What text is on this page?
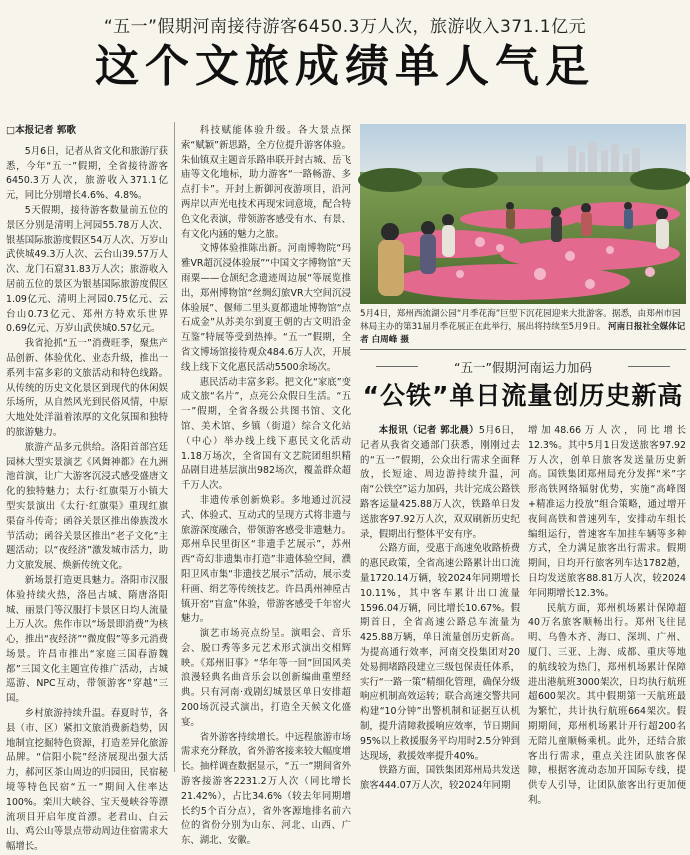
“五一”假期河南接待游客6450.3万人次，旅游收入371.1亿元
这个文旅成绩单人气足

□本报记者 郭歌

5月6日，记者从省文化和旅游厅获悉，今年“五一”假期，全省接待游客6450.3万人次，旅游收入371.1亿元，同比分别增长4.6%、4.8%。

5天假期，接待游客数量前五位的景区分别是清明上河园55.78万人次、银基国际旅游度假区54万人次、万岁山武侠城49.3万人次、云台山39.57万人次、龙门石窟31.83万人次；旅游收入居前五位的景区为银基国际旅游度假区1.09亿元、清明上河园0.75亿元、云台山0.73亿元、郑州方特欢乐世界0.69亿元、万岁山武侠城0.57亿元。

我省抢抓“五一”消费旺季，聚焦产品创新、体验优化、业态升级，推出一系列丰富多彩的文旅活动和特色线路。从传统的历史文化景区到现代的休闲娱乐场所，从自然风光到民俗风情，中原大地处处洋溢着浓厚的文化氛围和独特的旅游魅力。

旅游产品多元供给。洛阳首部宫廷园林大型实景演艺《风舞神都》在九洲池首演，让广大游客沉浸式感受盛唐文化的独特魅力；太行·红旗渠万小镇大型实景演出《太行·红旗渠》重现红旗渠奋斗传奇；函谷关景区推出傣族泼水节活动；函谷关景区推出“老子文化”主题活动；以“夜经济”激发城市活力，助力文旅发展、焕新传统文化。

新场景打造更具魅力。洛阳市汉服体验持续火热，洛邑古城、隋唐洛阳城、丽景门等汉服打卡景区日均人流量上万人次。焦作市以“场景即消费”为核心，推出“夜经济”“微度假”等多元消费场景。许昌市推出“家庭三国春游魏都”三国文化主题宣传推广活动，古城巡游、NPC互动，带领游客“穿越”三国。

乡村旅游持续升温。春夏时节，各县（市、区）紧扣文旅消费新趋势，因地制宜挖掘特色资源，打造差异化旅游品牌。“信阳小院”经济展现出强大活力，郝河区茶山周边的归园田，民宿秘境等特色民宿“五一”期间入住率达100%。栾川大峡谷、宝天曼峡谷等漂流项目开启年度首漂。老君山、白云山、鸡公山等景点带动周边住宿需求大幅增长。

科技赋能体验升级。各大景点探索“赋颖”新思路，全方位提升游客体验。朱仙镇双主题音乐路串联开封古城、岳飞庙等文化地标，助力游客“一路畅游、多点打卡”。开封上新御河夜游项目，沿河两岸以声光电技术再现宋词意境，配合特色文化表演，带领游客感受有水、有景、有文化内涵的魅力之旅。

文博体验推陈出新。河南博物院“玛雅VR超沉浸体验展”“中国文字博物馆”天雨粟——仓颉纪念遗迹周边展“等展览推出，郑州博物馆“丝绸幻旅VR大空间沉浸体验展”、偃师二里头夏都遗址博物馆“点石成金”从苏美尔到夏王朝的古文明沿金互鉴”特展等受到热捧。“五一”假期，全省文博场馆接待观众484.6万人次，开展线上线下文化惠民活动5500余场次。

惠民活动丰富多彩。把文化“家底”变成文旅“名片”，点亮公众假日生活。“五一”假期，全省各级公共图书馆、文化馆、美术馆、乡镇（街道）综合文化站（中心）举办线上线下惠民文化活动1.18万场次，全省国有文艺院团组织精品剧目进基层演出982场次，覆盖群众超千万人次。

非遗传承创新焕彩。多地通过沉浸式、体验式、互动式的呈现方式将非遗与旅游深度融合，带领游客感受非遗魅力。郑州阜民里街区“非遗手艺展示”，苏州西“奇幻非遗集市打造”非遗体验空间，濮阳卫风市集“非遗技艺展示”活动，展示麦秆画、绢艺等传统技艺。许昌禹州神垕古镇开窑“盲盒”体验，带游客感受千年窑火魅力。

演艺市场亮点纷呈。演唱会、音乐会、脱口秀等多元艺术形式演出交相辉映。《郑州旧事》“华年等一回”回国风美浪漫轻典名曲音乐会以创新编曲重塑经典。只有河南·戏剧幻城景区单日安排超200场沉浸式演出，打造全天候文化盛宴。

省外游客持续增长。中远程旅游市场需求充分释放，省外游客接来较大幅度增长。抽样调查数据显示，“五一”期间省外游客接游客2231.2万人次（同比增长21.42%），占比34.6%（较去年同期增长约5个百分点），省外客源地排名前六位的省份分别为山东、河北、山西、广东、湖北、安徽。

5月4日，郑州西流湖公园“月季花海”巨型下沉花园迎来大批游客。据悉，由郑州市园林局主办的第31届月季花展正在此举行，展出将持续至5月9日。 河南日报社全媒体记者 白周峰 摄
“五一”假期河南运力加码
“公铁”单日流量创历史新高

本报讯（记者 郭北晨）5月6日，记者从我省交通部门获悉，刚刚过去的“五一”假期，公众出行需求全面释放，长短途、周边游持续升温，河南“公铁空”运力加码，共计完成公路铁路客运量425.88万人次，铁路单日发送旅客97.92万人次，双双刷新历史纪录，假期出行整体平安有序。

公路方面，受惠于高速免收路桥费的惠民政策，全省高速公路累计出口流量1720.14万辆，较2024年同期增长10.11%，其中客车累计出口流量1596.04万辆，同比增长10.67%。假期首日，全省高速公路总车流量为425.88万辆，单日流量创历史新高。为提高通行效率，河南交投集团对20处易拥堵路段建立三级包保责任体系，实行“一路一策”精细化管理，确保分级响应机制高效运转；联合高速交警共同构建“10分钟”出警机制和证据互认机制，提升清障救援响应效率，节日期间95%以上救援服务平均用时2.5分钟到达现场，救援效率提升40%。

铁路方面，国铁集团郑州局共发送旅客444.07万人次，较2024年同期

增加48.66万人次，同比增长12.3%。其中5月1日发送旅客97.92万人次，创单日旅客发送量历史新高。国铁集团郑州局充分发挥“米”字形高铁网络辐射优势，实施“高峰图+精准运力投放”组合策略，通过增开夜间高铁和普速列车，安排动车组长编组运行，普速客车加挂车辆等多种方式，全力满足旅客出行需求。假期期间，日均开行旅客列车达1782趟，日均发送旅客88.81万人次，较2024年同期增长12.3%。

民航方面，郑州机场累计保障超40万名旅客顺畅出行。郑州飞往昆明、乌鲁木齐、海口、深圳、广州、厦门、三亚、上海、成都、重庆等地的航线较为热门，郑州机场累计保障进出港航班3000架次，日均执行航班超600架次。其中假期第一天航班最为繁忙，共计执行航班664架次。假期期间，郑州机场累计开行超200名无陪儿童顺畅乘机。此外，还结合旅客出行需求，重点关注团队旅客保障，根据客流动态加开国际专线，提供专人引导，让团队旅客出行更加便利。
